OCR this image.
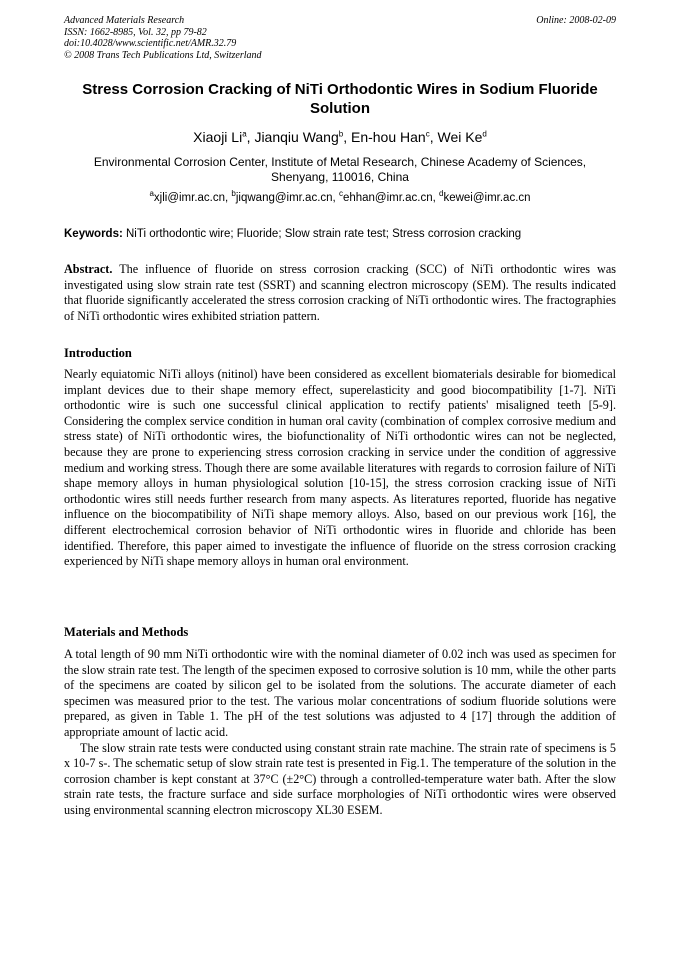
Advanced Materials Research
ISSN: 1662-8985, Vol. 32, pp 79-82
doi:10.4028/www.scientific.net/AMR.32.79
© 2008 Trans Tech Publications Ltd, Switzerland
Online: 2008-02-09
Stress Corrosion Cracking of NiTi Orthodontic Wires in Sodium Fluoride Solution
Xiaoji Li$^a$, Jianqiu Wang$^b$, En-hou Han$^c$, Wei Ke$^d$
Environmental Corrosion Center, Institute of Metal Research, Chinese Academy of Sciences, Shenyang, 110016, China
$^a$xjli@imr.ac.cn, $^b$jiqwang@imr.ac.cn, $^c$ehhan@imr.ac.cn, $^d$kewei@imr.ac.cn
Keywords: NiTi orthodontic wire; Fluoride; Slow strain rate test; Stress corrosion cracking

Abstract. The influence of fluoride on stress corrosion cracking (SCC) of NiTi orthodontic wires was investigated using slow strain rate test (SSRT) and scanning electron microscopy (SEM). The results indicated that fluoride significantly accelerated the stress corrosion cracking of NiTi orthodontic wires. The fractographies of NiTi orthodontic wires exhibited striation pattern.

Introduction

Nearly equiatomic NiTi alloys (nitinol) have been considered as excellent biomaterials desirable for biomedical implant devices due to their shape memory effect, superelasticity and good biocompatibility [1-7]. NiTi orthodontic wire is such one successful clinical application to rectify patients' misaligned teeth [5-9]. Considering the complex service condition in human oral cavity (combination of complex corrosive medium and stress state) of NiTi orthodontic wires, the biofunctionality of NiTi orthodontic wires can not be neglected, because they are prone to experiencing stress corrosion cracking in service under the condition of aggressive medium and working stress. Though there are some available literatures with regards to corrosion failure of NiTi shape memory alloys in human physiological solution [10-15], the stress corrosion cracking issue of NiTi orthodontic wires still needs further research from many aspects. As literatures reported, fluoride has negative influence on the biocompatibility of NiTi shape memory alloys. Also, based on our previous work [16], the different electrochemical corrosion behavior of NiTi orthodontic wires in fluoride and chloride has been identified. Therefore, this paper aimed to investigate the influence of fluoride on the stress corrosion cracking experienced by NiTi shape memory alloys in human oral environment.

Materials and Methods

A total length of 90 mm NiTi orthodontic wire with the nominal diameter of 0.02 inch was used as specimen for the slow strain rate test. The length of the specimen exposed to corrosive solution is 10 mm, while the other parts of the specimens are coated by silicon gel to be isolated from the solutions. The accurate diameter of each specimen was measured prior to the test. The various molar concentrations of sodium fluoride solutions were prepared, as given in Table 1. The pH of the test solutions was adjusted to 4 [17] through the addition of appropriate amount of lactic acid.

The slow strain rate tests were conducted using constant strain rate machine. The strain rate of specimens is 5 x 10-7 s-. The schematic setup of slow strain rate test is presented in Fig.1. The temperature of the solution in the corrosion chamber is kept constant at 37°C (±2°C) through a controlled-temperature water bath. After the slow strain rate tests, the fracture surface and side surface morphologies of NiTi orthodontic wires were observed using environmental scanning electron microscopy XL30 ESEM.
